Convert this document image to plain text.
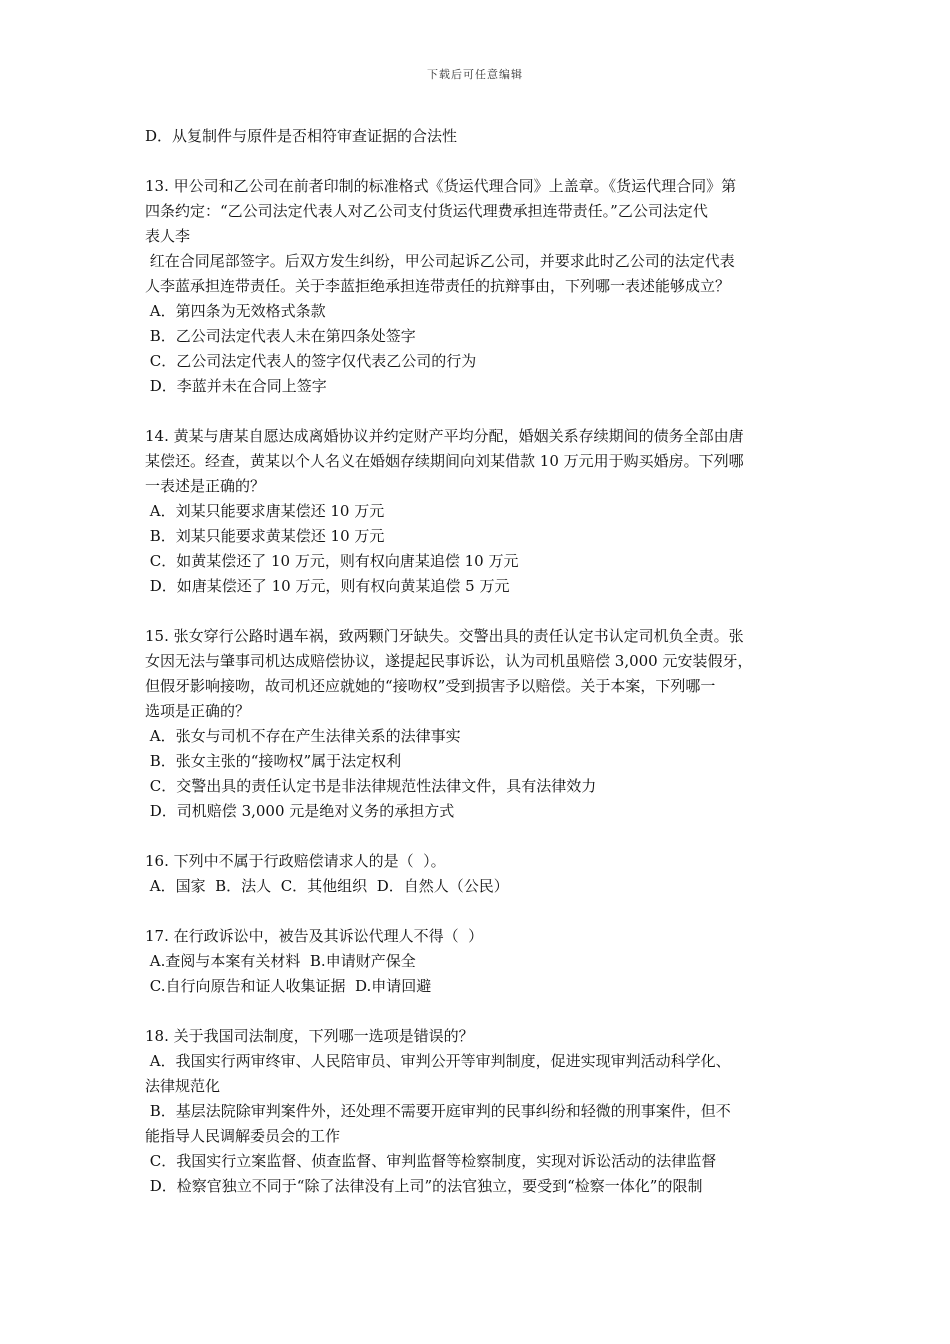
下载后可任意编辑
D．从复制件与原件是否相符审查证据的合法性
13. 甲公司和乙公司在前者印制的标准格式《货运代理合同》上盖章。《货运代理合同》第
四条约定：“乙公司法定代表人对乙公司支付货运代理费承担连带责任。”乙公司法定代
表人李
红在合同尾部签字。后双方发生纠纷，甲公司起诉乙公司，并要求此时乙公司的法定代表
人李蓝承担连带责任。关于李蓝拒绝承担连带责任的抗辩事由，下列哪一表述能够成立？
A．第四条为无效格式条款
B．乙公司法定代表人未在第四条处签字
C．乙公司法定代表人的签字仅代表乙公司的行为
D．李蓝并未在合同上签字
14. 黄某与唐某自愿达成离婚协议并约定财产平均分配，婚姻关系存续期间的债务全部由唐
某偿还。经查，黄某以个人名义在婚姻存续期间向刘某借款 10 万元用于购买婚房。下列哪
一表述是正确的？
A．刘某只能要求唐某偿还 10 万元
B．刘某只能要求黄某偿还 10 万元
C．如黄某偿还了 10 万元，则有权向唐某追偿 10 万元
D．如唐某偿还了 10 万元，则有权向黄某追偿 5 万元
15. 张女穿行公路时遇车祸，致两颗门牙缺失。交警出具的责任认定书认定司机负全责。张
女因无法与肇事司机达成赔偿协议，遂提起民事诉讼，认为司机虽赔偿 3,000 元安装假牙，
但假牙影响接吻，故司机还应就她的“接吻权”受到损害予以赔偿。关于本案，下列哪一
选项是正确的？
A．张女与司机不存在产生法律关系的法律事实
B．张女主张的“接吻权”属于法定权利
C．交警出具的责任认定书是非法律规范性法律文件，具有法律效力
D．司机赔偿 3,000 元是绝对义务的承担方式
16. 下列中不属于行政赔偿请求人的是（  ）。
A．国家  B．法人  C．其他组织  D．自然人（公民）
17. 在行政诉讼中，被告及其诉讼代理人不得（  ）
A.查阅与本案有关材料  B.申请财产保全
C.自行向原告和证人收集证据  D.申请回避
18. 关于我国司法制度，下列哪一选项是错误的？
A．我国实行两审终审、人民陪审员、审判公开等审判制度，促进实现审判活动科学化、
法律规范化
B．基层法院除审判案件外，还处理不需要开庭审判的民事纠纷和轻微的刑事案件，但不
能指导人民调解委员会的工作
C．我国实行立案监督、侦查监督、审判监督等检察制度，实现对诉讼活动的法律监督
D．检察官独立不同于“除了法律没有上司”的法官独立，要受到“检察一体化”的限制
